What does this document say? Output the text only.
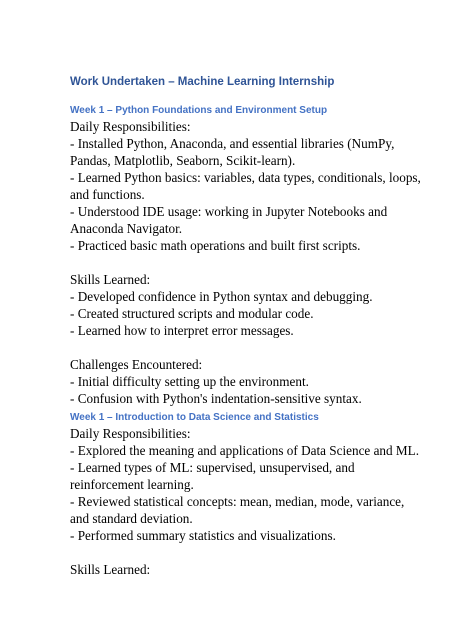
Work Undertaken – Machine Learning Internship

Week 1 – Python Foundations and Environment Setup

Daily Responsibilities:

- Installed Python, Anaconda, and essential libraries (NumPy,

Pandas, Matplotlib, Seaborn, Scikit-learn).

- Learned Python basics: variables, data types, conditionals, loops,

and functions.

- Understood IDE usage: working in Jupyter Notebooks and

Anaconda Navigator.

- Practiced basic math operations and built first scripts.

Skills Learned:

- Developed confidence in Python syntax and debugging.

- Created structured scripts and modular code.

- Learned how to interpret error messages.

Challenges Encountered:

- Initial difficulty setting up the environment.

- Confusion with Python's indentation-sensitive syntax.

Week 1 – Introduction to Data Science and Statistics

Daily Responsibilities:

- Explored the meaning and applications of Data Science and ML.

- Learned types of ML: supervised, unsupervised, and

reinforcement learning.

- Reviewed statistical concepts: mean, median, mode, variance,

and standard deviation.

- Performed summary statistics and visualizations.

Skills Learned:
